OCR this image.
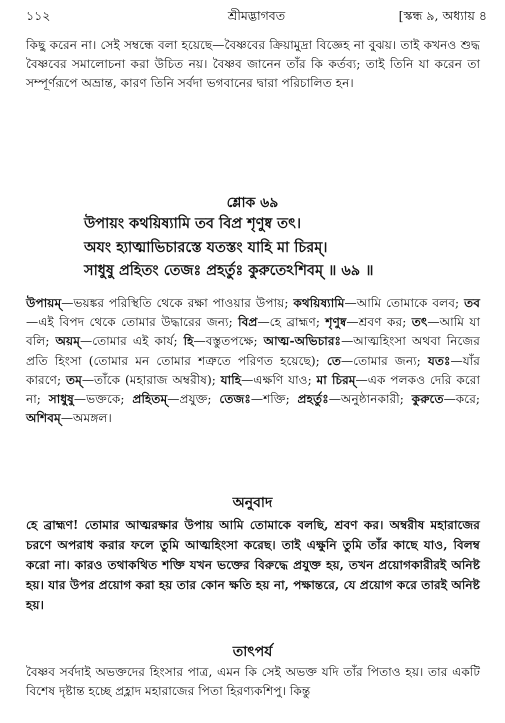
১১২	শ্রীমদ্ভাগবত	[স্কন্ধ ৯, অধ্যায় ৪

কিছু করেন না। সেই সম্বন্ধে বলা হয়েছে—বৈষ্ণবের ক্রিয়ামুদ্রা বিজ্ঞেহ না বুঝয়। তাই কখনও শুদ্ধ বৈষ্ণবের সমালোচনা করা উচিত নয়। বৈষ্ণব জানেন তাঁর কি কর্তব্য; তাই তিনি যা করেন তা সম্পূর্ণরূপে অভ্রান্ত, কারণ তিনি সর্বদা ভগবানের দ্বারা পরিচালিত হন।

শ্লোক ৬৯
উপায়ং কথয়িষ্যামি তব বিপ্র শৃণুষ্ব তৎ।
অযং হ্যাত্মাভিচারস্তে যতস্তং যাহি মা চিরম্।
সাধুষু প্রহিতং তেজঃ প্রহর্তুঃ কুরুতেঽশিবম্ ॥ ৬৯ ॥

উপায়ম্—ভয়ঙ্কর পরিস্থিতি থেকে রক্ষা পাওয়ার উপায়; কথয়িষ্যামি—আমি তোমাকে বলব; তব—এই বিপদ থেকে তোমার উদ্ধারের জন্য; বিপ্র—হে ব্রাহ্মণ; শৃণুষ্ব—শ্রবণ কর; তৎ—আমি যা বলি; অয়ম্—তোমার এই কার্য; হি—বস্তুতপক্ষে; আত্ম-অভিচারঃ—আত্মহিংসা অথবা নিজের প্রতি হিংসা (তোমার মন তোমার শত্রুতে পরিণত হয়েছে); তে—তোমার জন্য; যতঃ—যাঁর কারণে; তম্—তাঁকে (মহারাজ অম্বরীষ); যাহি—এক্ষণি যাও; মা চিরম্—এক পলকও দেরি করো না; সাধুষু—ভক্তকে; প্রহিতম্—প্রযুক্ত; তেজঃ—শক্তি; প্রহর্তুঃ—অনুষ্ঠানকারী; কুরুতে—করে; অশিবম্—অমঙ্গল।

অনুবাদ

হে ব্রাহ্মণ! তোমার আত্মরক্ষার উপায় আমি তোমাকে বলছি, শ্রবণ কর। অম্বরীষ মহারাজের চরণে অপরাধ করার ফলে তুমি আত্মহিংসা করেছ। তাই এক্ষুনি তুমি তাঁর কাছে যাও, বিলম্ব করো না। কারও তথাকথিত শক্তি যখন ভক্তের বিরুদ্ধে প্রযুক্ত হয়, তখন প্রয়োগকারীরই অনিষ্ট হয়। যার উপর প্রয়োগ করা হয় তার কোন ক্ষতি হয় না, পক্ষান্তরে, যে প্রয়োগ করে তারই অনিষ্ট হয়।

তাৎপর্য

বৈষ্ণব সর্বদাই অভক্তদের হিংসার পাত্র, এমন কি সেই অভক্ত যদি তাঁর পিতাও হয়। তার একটি বিশেষ দৃষ্টান্ত হচ্ছে প্রহ্লাদ মহারাজের পিতা হিরণ্যকশিপু। কিন্তু
